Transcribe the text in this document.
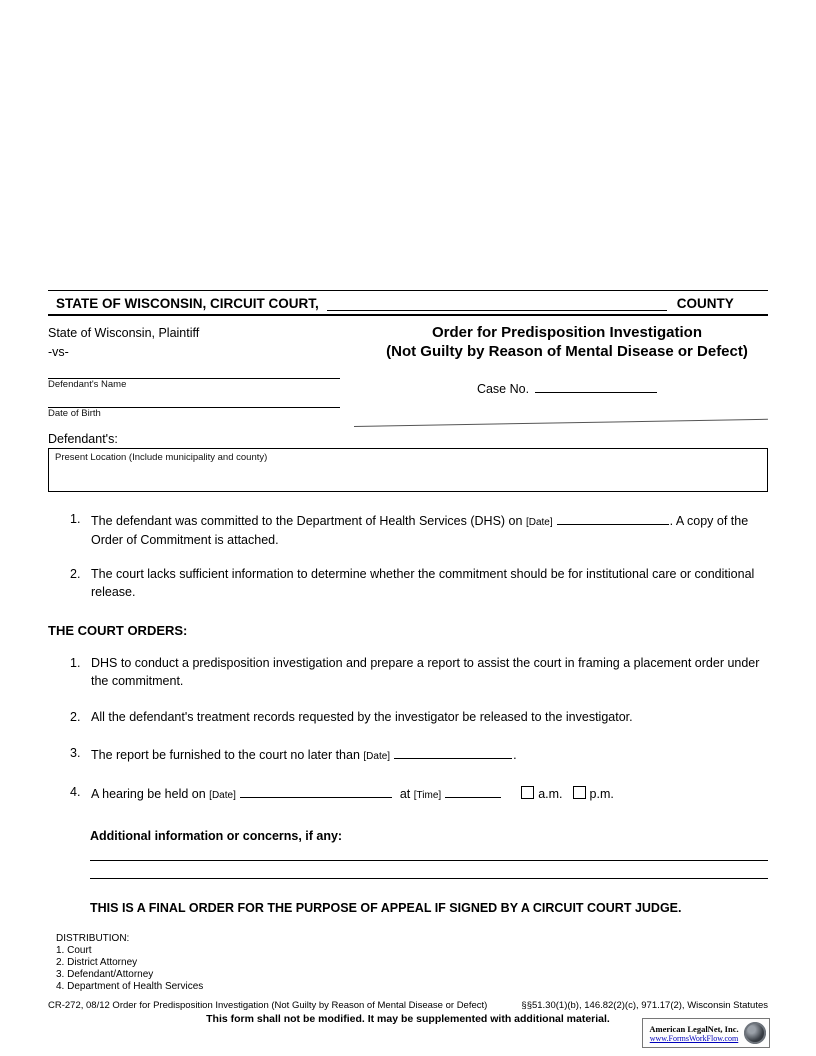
STATE OF WISCONSIN, CIRCUIT COURT,	COUNTY
State of Wisconsin, Plaintiff
-vs-
Defendant's Name
Date of Birth
Order for Predisposition Investigation
(Not Guilty by Reason of Mental Disease or Defect)
Case No.
Defendant's:
Present Location (Include municipality and county)
1. The defendant was committed to the Department of Health Services (DHS) on [Date]	. A copy of the Order of Commitment is attached.
2. The court lacks sufficient information to determine whether the commitment should be for institutional care or conditional release.
THE COURT ORDERS:
1. DHS to conduct a predisposition investigation and prepare a report to assist the court in framing a placement order under the commitment.
2. All the defendant's treatment records requested by the investigator be released to the investigator.
3. The report be furnished to the court no later than [Date]	.
4. A hearing be held on [Date]	at [Time]	a.m. p.m.
Additional information or concerns, if any:
THIS IS A FINAL ORDER FOR THE PURPOSE OF APPEAL IF SIGNED BY A CIRCUIT COURT JUDGE.
DISTRIBUTION:
1. Court
2. District Attorney
3. Defendant/Attorney
4. Department of Health Services
CR-272, 08/12 Order for Predisposition Investigation (Not Guilty by Reason of Mental Disease or Defect)	§§51.30(1)(b), 146.82(2)(c), 971.17(2), Wisconsin Statutes
This form shall not be modified. It may be supplemented with additional material.
American LegalNet, Inc.
www.FormsWorkFlow.com
